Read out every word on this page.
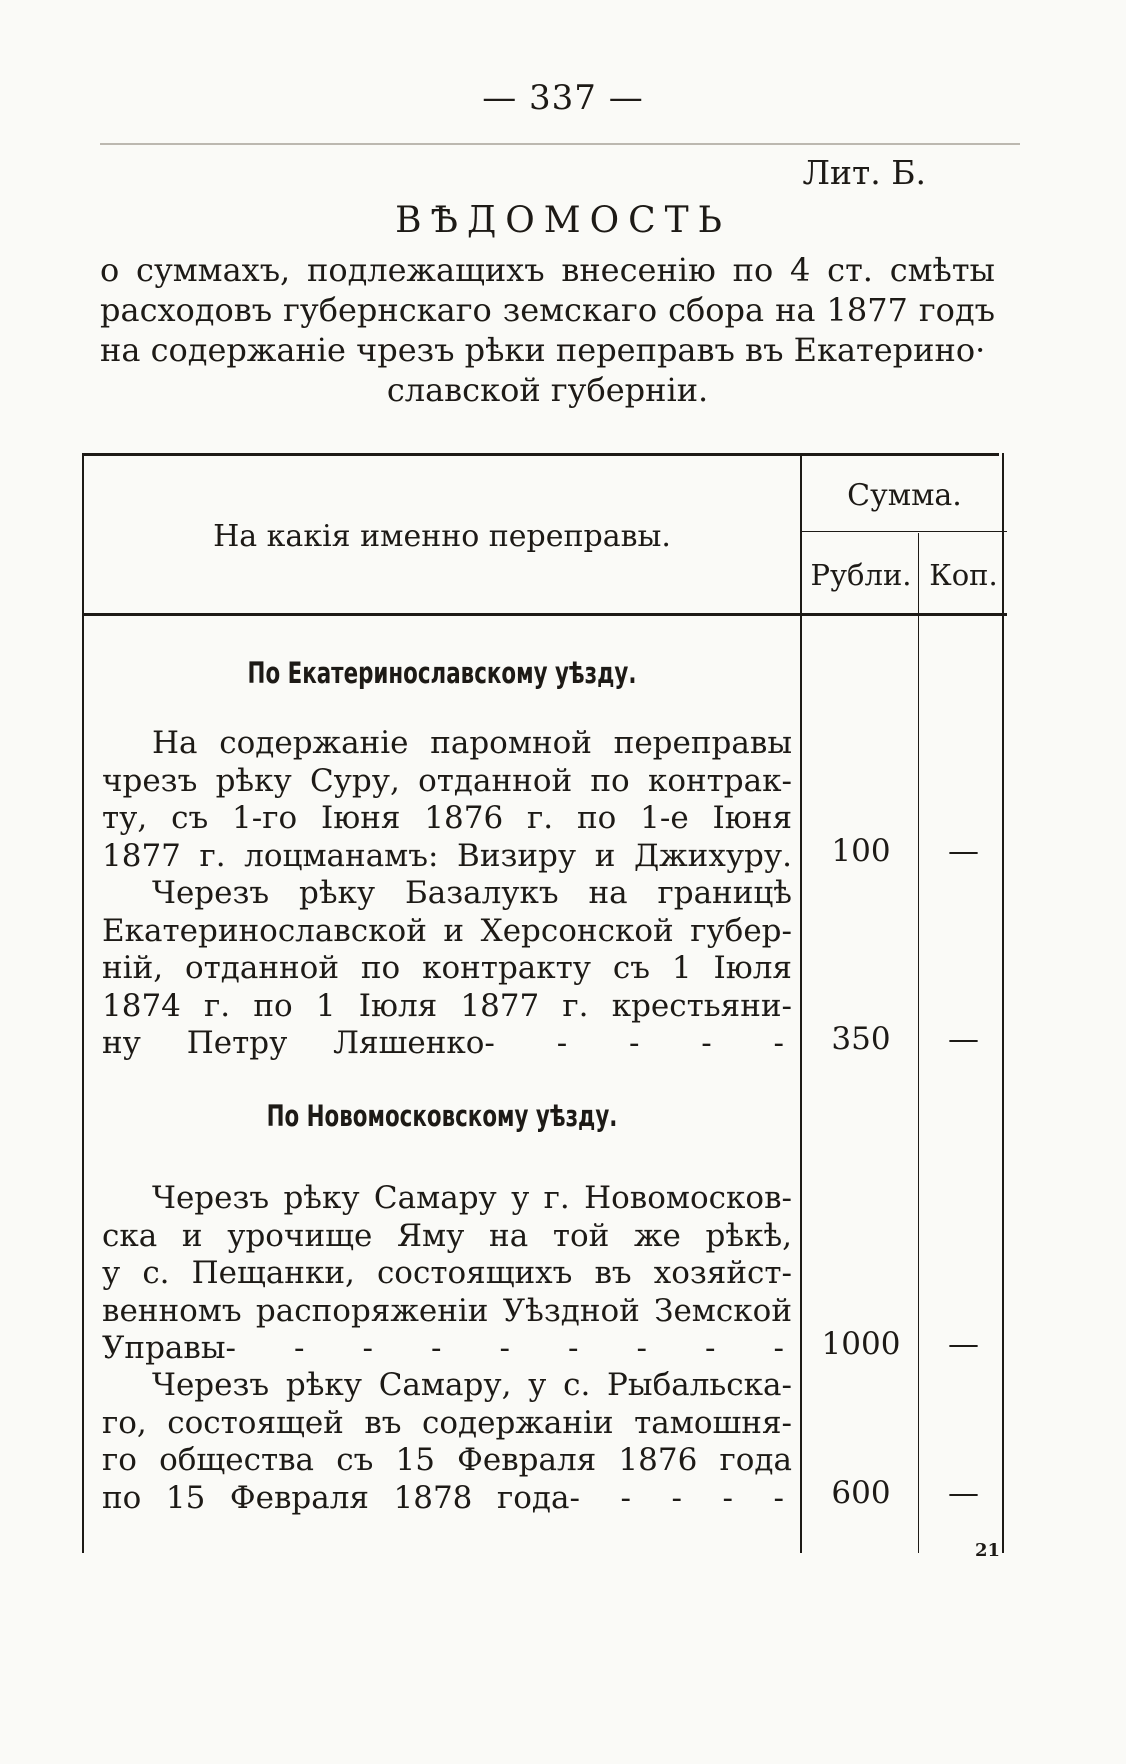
— 337 —
Лит. Б.
ВѢДОМОСТЬ
о суммахъ, подлежащихъ внесенію по 4 ст. смѣты расходовъ губернскаго земскаго сбора на 1877 годъ на содержаніе чрезъ рѣки переправъ въ Екатерино·
славской губерніи.
На какія именно переправы.
Сумма.
Рубли. Коп.
По Екатеринославскому уѣзду.
На содержаніе паромной переправы
чрезъ рѣку Суру, отданной по контрак-
ту, съ 1-го Іюня 1876 г. по 1-е Іюня
1877 г. лоцманамъ: Визиру и Джихуру.	100	—
Черезъ рѣку Базалукъ на границѣ
Екатеринославской и Херсонской губер-
ній, отданной по контракту съ 1 Іюля
1874 г. по 1 Іюля 1877 г. крестьяни-
ну Петру Ляшенко- - - - -	350	—
По Новомосковскому уѣзду.
Черезъ рѣку Самару у г. Новомосков-
ска и урочище Яму на той же рѣкѣ,
у с. Пещанки, состоящихъ въ хозяйст-
венномъ распоряженіи Уѣздной Земской
Управы- - - - - - - - - 1000	—
Черезъ рѣку Самару, у с. Рыбальска-
го, состоящей въ содержаніи тамошня-
го общества съ 15 Февраля 1876 года
по 15 Февраля 1878 года- - - - -	600	—
21
